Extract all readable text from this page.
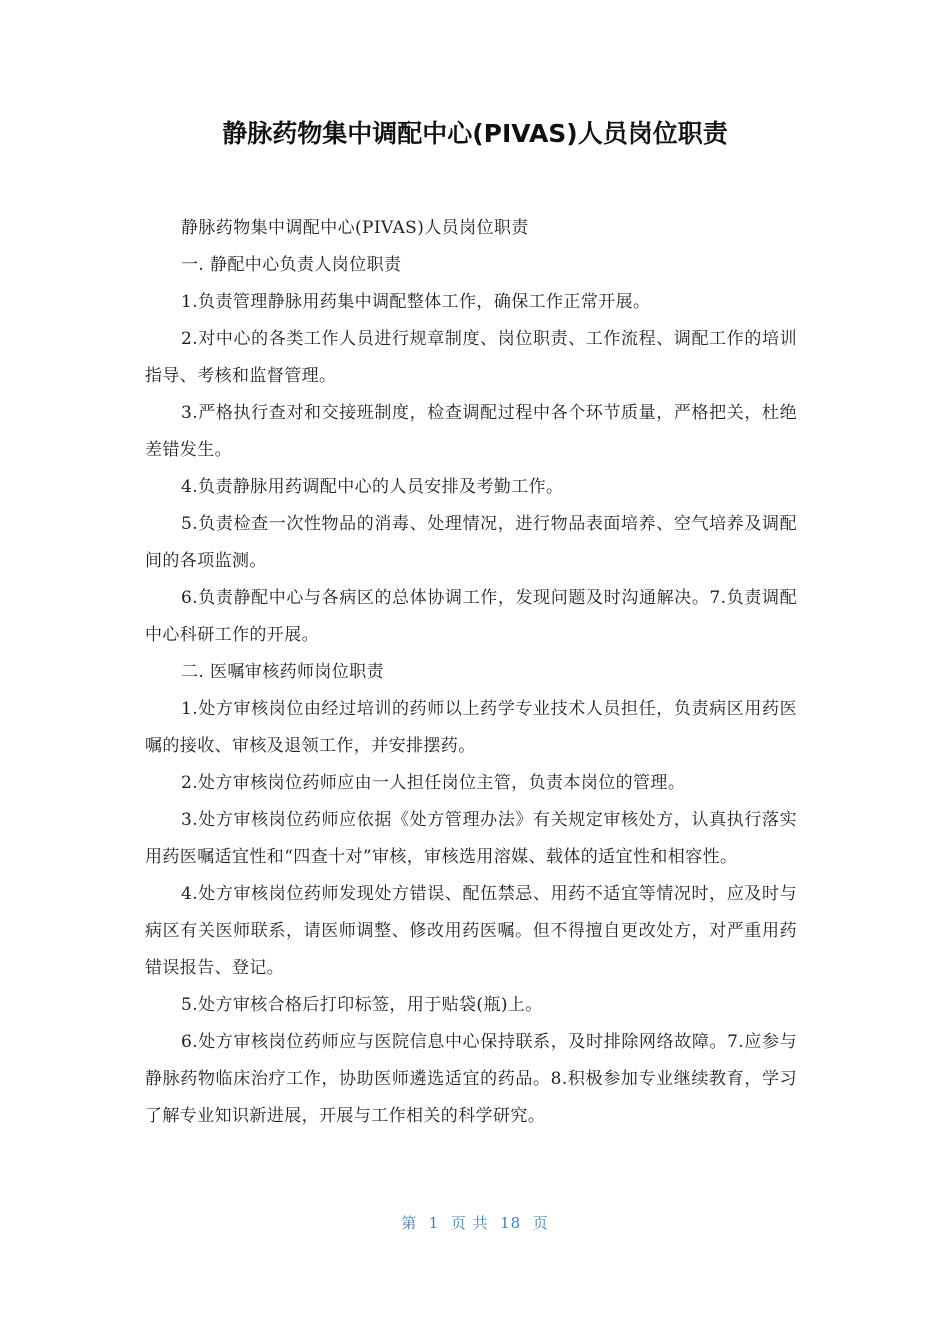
静脉药物集中调配中心(PIVAS)人员岗位职责

静脉药物集中调配中心(PIVAS)人员岗位职责

一. 静配中心负责人岗位职责

1.负责管理静脉用药集中调配整体工作，确保工作正常开展。

2.对中心的各类工作人员进行规章制度、岗位职责、工作流程、调配工作的培训指导、考核和监督管理。

3.严格执行查对和交接班制度，检查调配过程中各个环节质量，严格把关，杜绝差错发生。

4.负责静脉用药调配中心的人员安排及考勤工作。

5.负责检查一次性物品的消毒、处理情况，进行物品表面培养、空气培养及调配间的各项监测。

6.负责静配中心与各病区的总体协调工作，发现问题及时沟通解决。7.负责调配中心科研工作的开展。

二. 医嘱审核药师岗位职责

1.处方审核岗位由经过培训的药师以上药学专业技术人员担任，负责病区用药医嘱的接收、审核及退领工作，并安排摆药。

2.处方审核岗位药师应由一人担任岗位主管，负责本岗位的管理。

3.处方审核岗位药师应依据《处方管理办法》有关规定审核处方，认真执行落实用药医嘱适宜性和“四查十对”审核，审核选用溶媒、载体的适宜性和相容性。

4.处方审核岗位药师发现处方错误、配伍禁忌、用药不适宜等情况时，应及时与病区有关医师联系，请医师调整、修改用药医嘱。但不得擅自更改处方，对严重用药错误报告、登记。

5.处方审核合格后打印标签，用于贴袋(瓶)上。

6.处方审核岗位药师应与医院信息中心保持联系，及时排除网络故障。7.应参与静脉药物临床治疗工作，协助医师遴选适宜的药品。8.积极参加专业继续教育，学习了解专业知识新进展，开展与工作相关的科学研究。

第  1  页 共  18  页
